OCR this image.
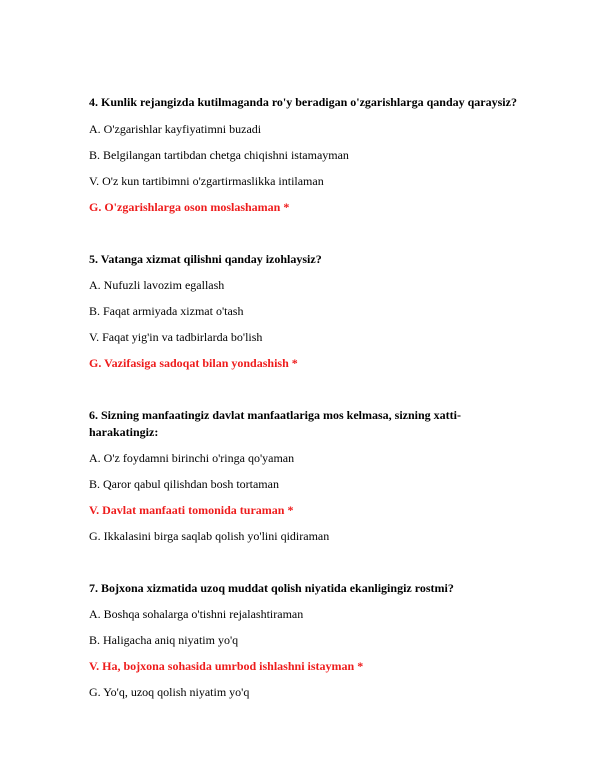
4. Kunlik rejangizda kutilmaganda ro'y beradigan o'zgarishlarga qanday qaraysiz?
A. O'zgarishlar kayfiyatimni buzadi
B. Belgilangan tartibdan chetga chiqishni istamayman
V. O'z kun tartibimni o'zgartirmaslikka intilaman
G. O'zgarishlarga oson moslashaman *
5. Vatanga xizmat qilishni qanday izohlaysiz?
A. Nufuzli lavozim egallash
B. Faqat armiyada xizmat o'tash
V. Faqat yig'in va tadbirlarda bo'lish
G. Vazifasiga sadoqat bilan yondashish *
6. Sizning manfaatingiz davlat manfaatlariga mos kelmasa, sizning xatti-
harakatingiz:
A. O'z foydamni birinchi o'ringa qo'yaman
B. Qaror qabul qilishdan bosh tortaman
V. Davlat manfaati tomonida turaman *
G. Ikkalasini birga saqlab qolish yo'lini qidiraman
7. Bojxona xizmatida uzoq muddat qolish niyatida ekanligingiz rostmi?
A. Boshqa sohalarga o'tishni rejalashtiraman
B. Haligacha aniq niyatim yo'q
V. Ha, bojxona sohasida umrbod ishlashni istayman *
G. Yo'q, uzoq qolish niyatim yo'q
